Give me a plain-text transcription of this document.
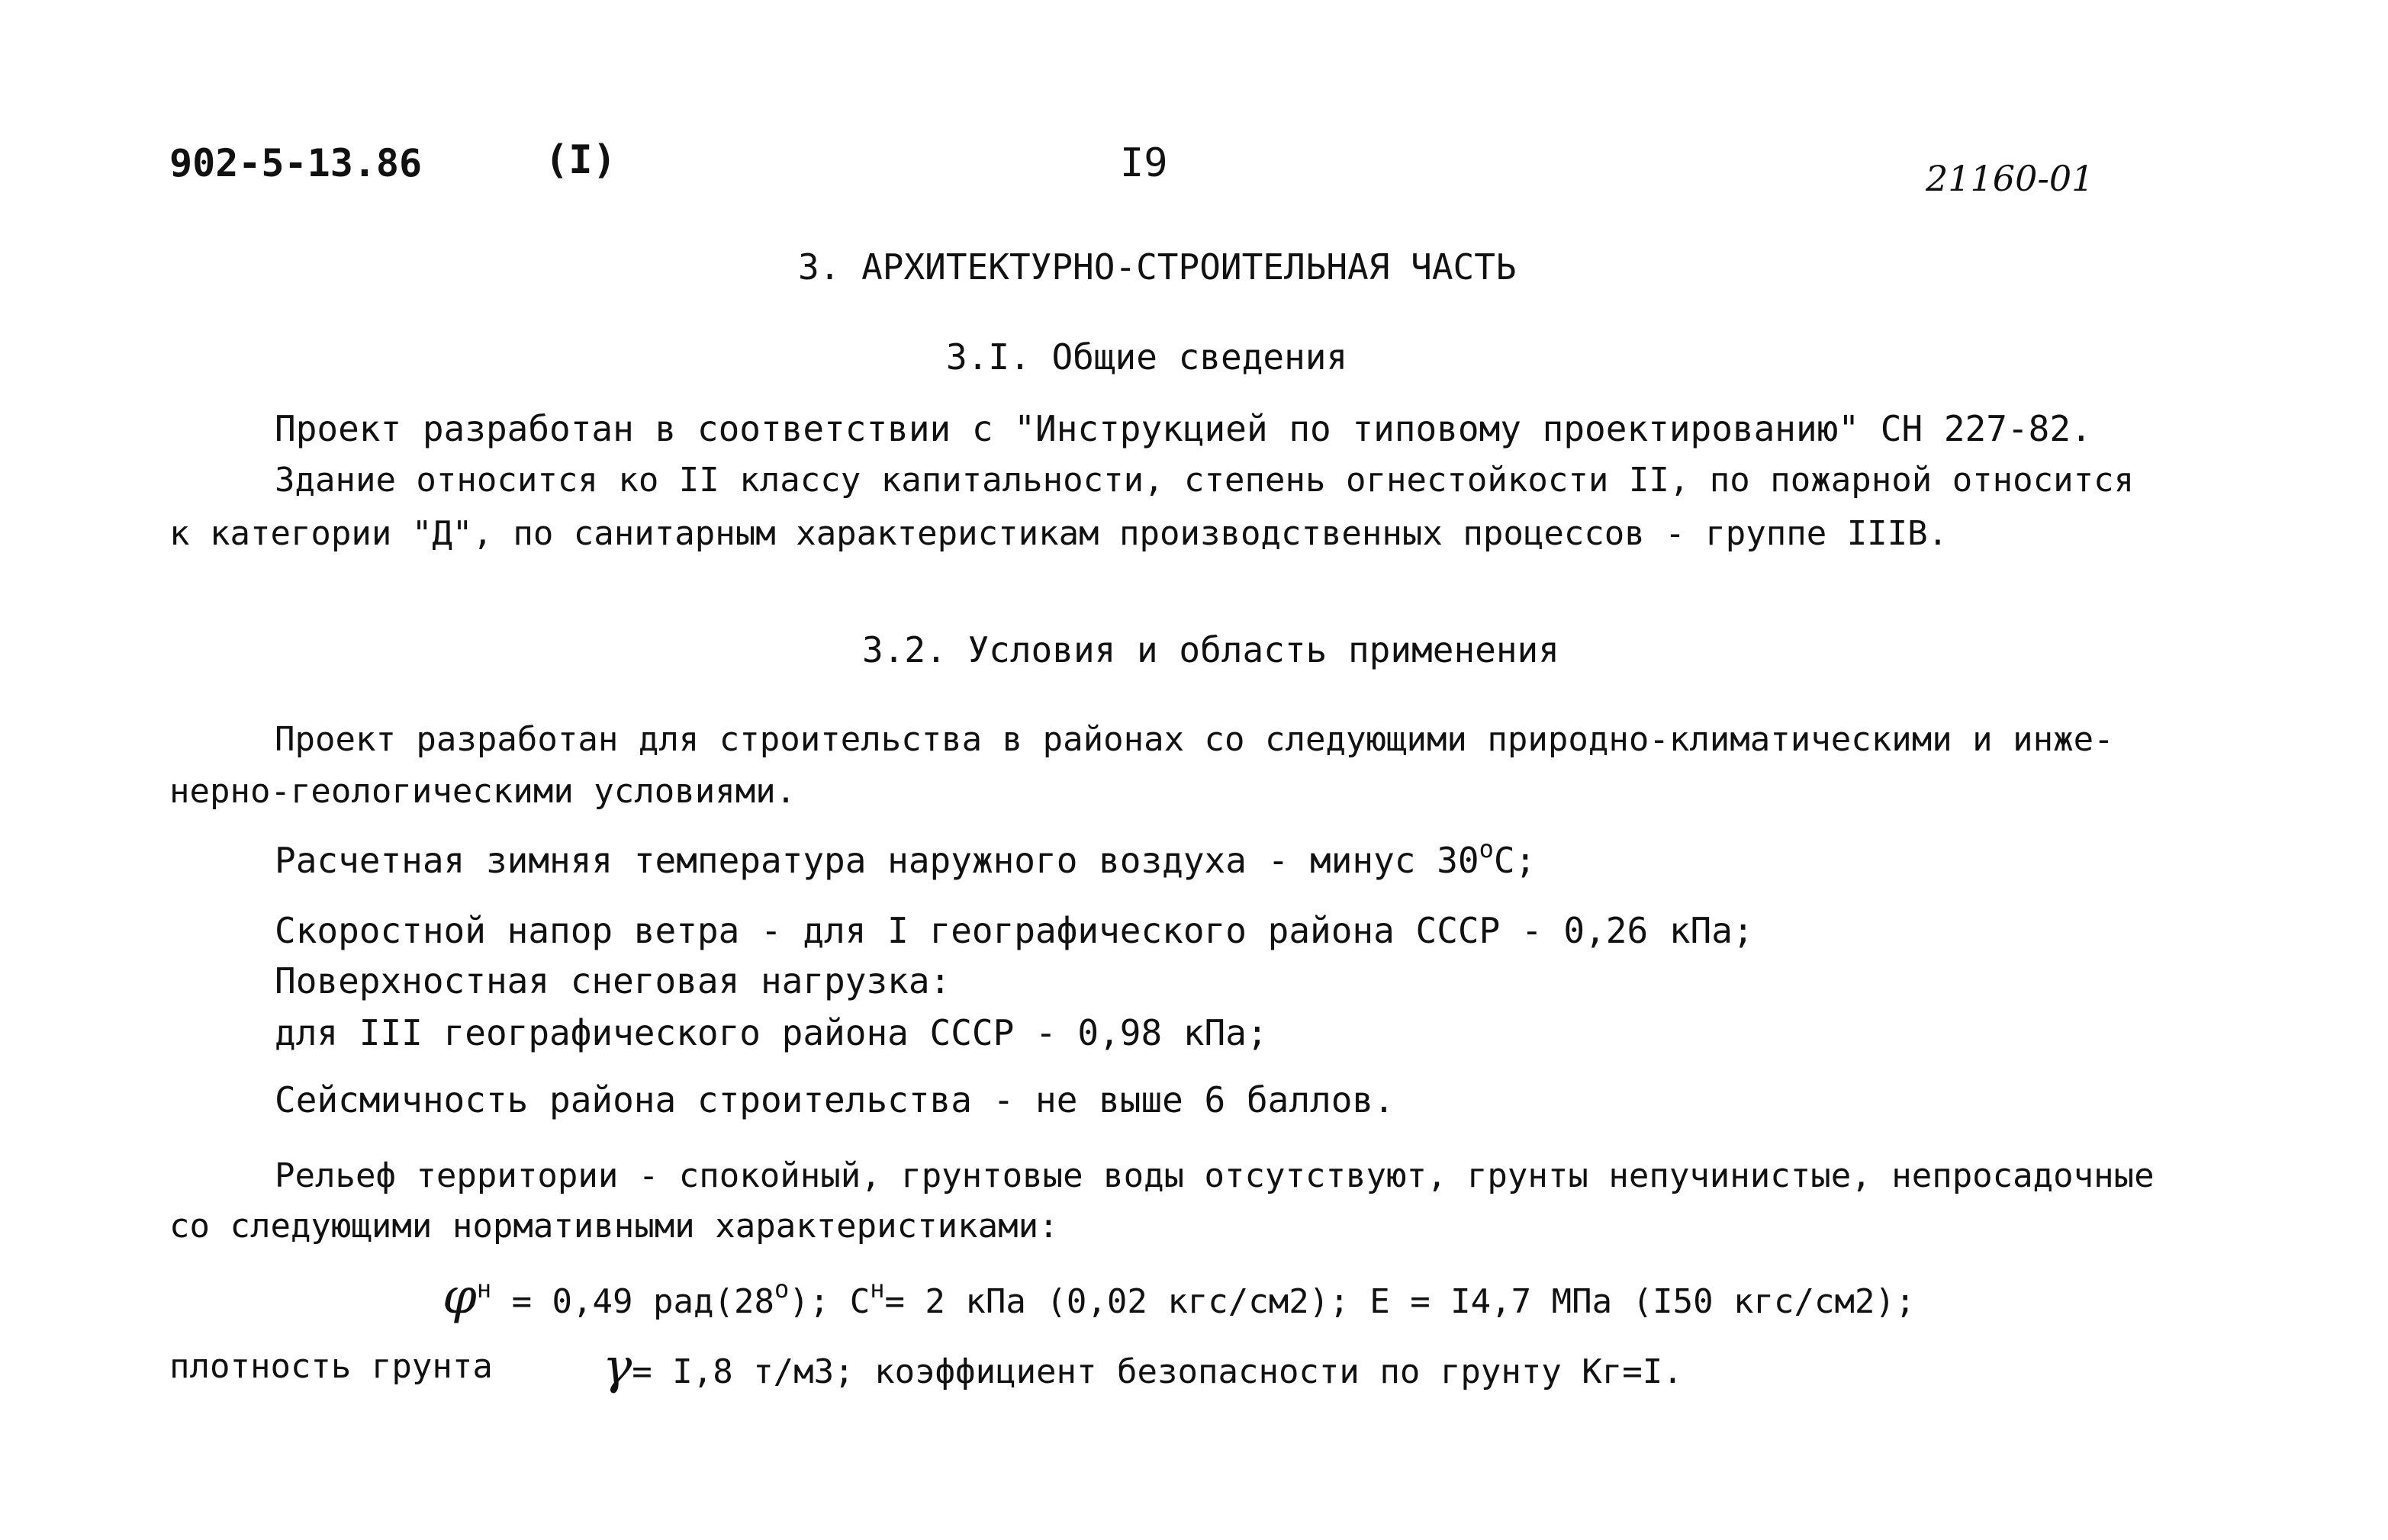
902-5-13.86	(I)	I9	21160-01
3. АРХИТЕКТУРНО-СТРОИТЕЛЬНАЯ ЧАСТЬ
3.I. Общие сведения
Проект разработан в соответствии с "Инструкцией по типовому проектированию" СН 227-82.
Здание относится ко II классу капитальности, степень огнестойкости II, по пожарной относится
к категории "Д", по санитарным характеристикам производственных процессов - группе IIIВ.
3.2. Условия и область применения
Проект разработан для строительства в районах со следующими природно-климатическими и инже-
нерно-геологическими условиями.
Расчетная зимняя температура наружного воздуха - минус $30^оС$;
Скоростной напор ветра - для I географического района СССР - 0,26 кПа;
Поверхностная снеговая нагрузка:
для III географического района СССР - 0,98 кПа;
Сейсмичность района строительства - не выше 6 баллов.
Рельеф территории - спокойный, грунтовые воды отсутствуют, грунты непучинистые, непросадочные
со следующими нормативными характеристиками:
$\varphi^н = 0,49$ $рад(28^о)$; $С^н= 2$ кПа (0,02 кгс/см2); Е = I4,7 МПа (I50 кгс/см2);
плотность грунта γ= I,8 т/м3; коэффициент безопасности по грунту Кг=I.
